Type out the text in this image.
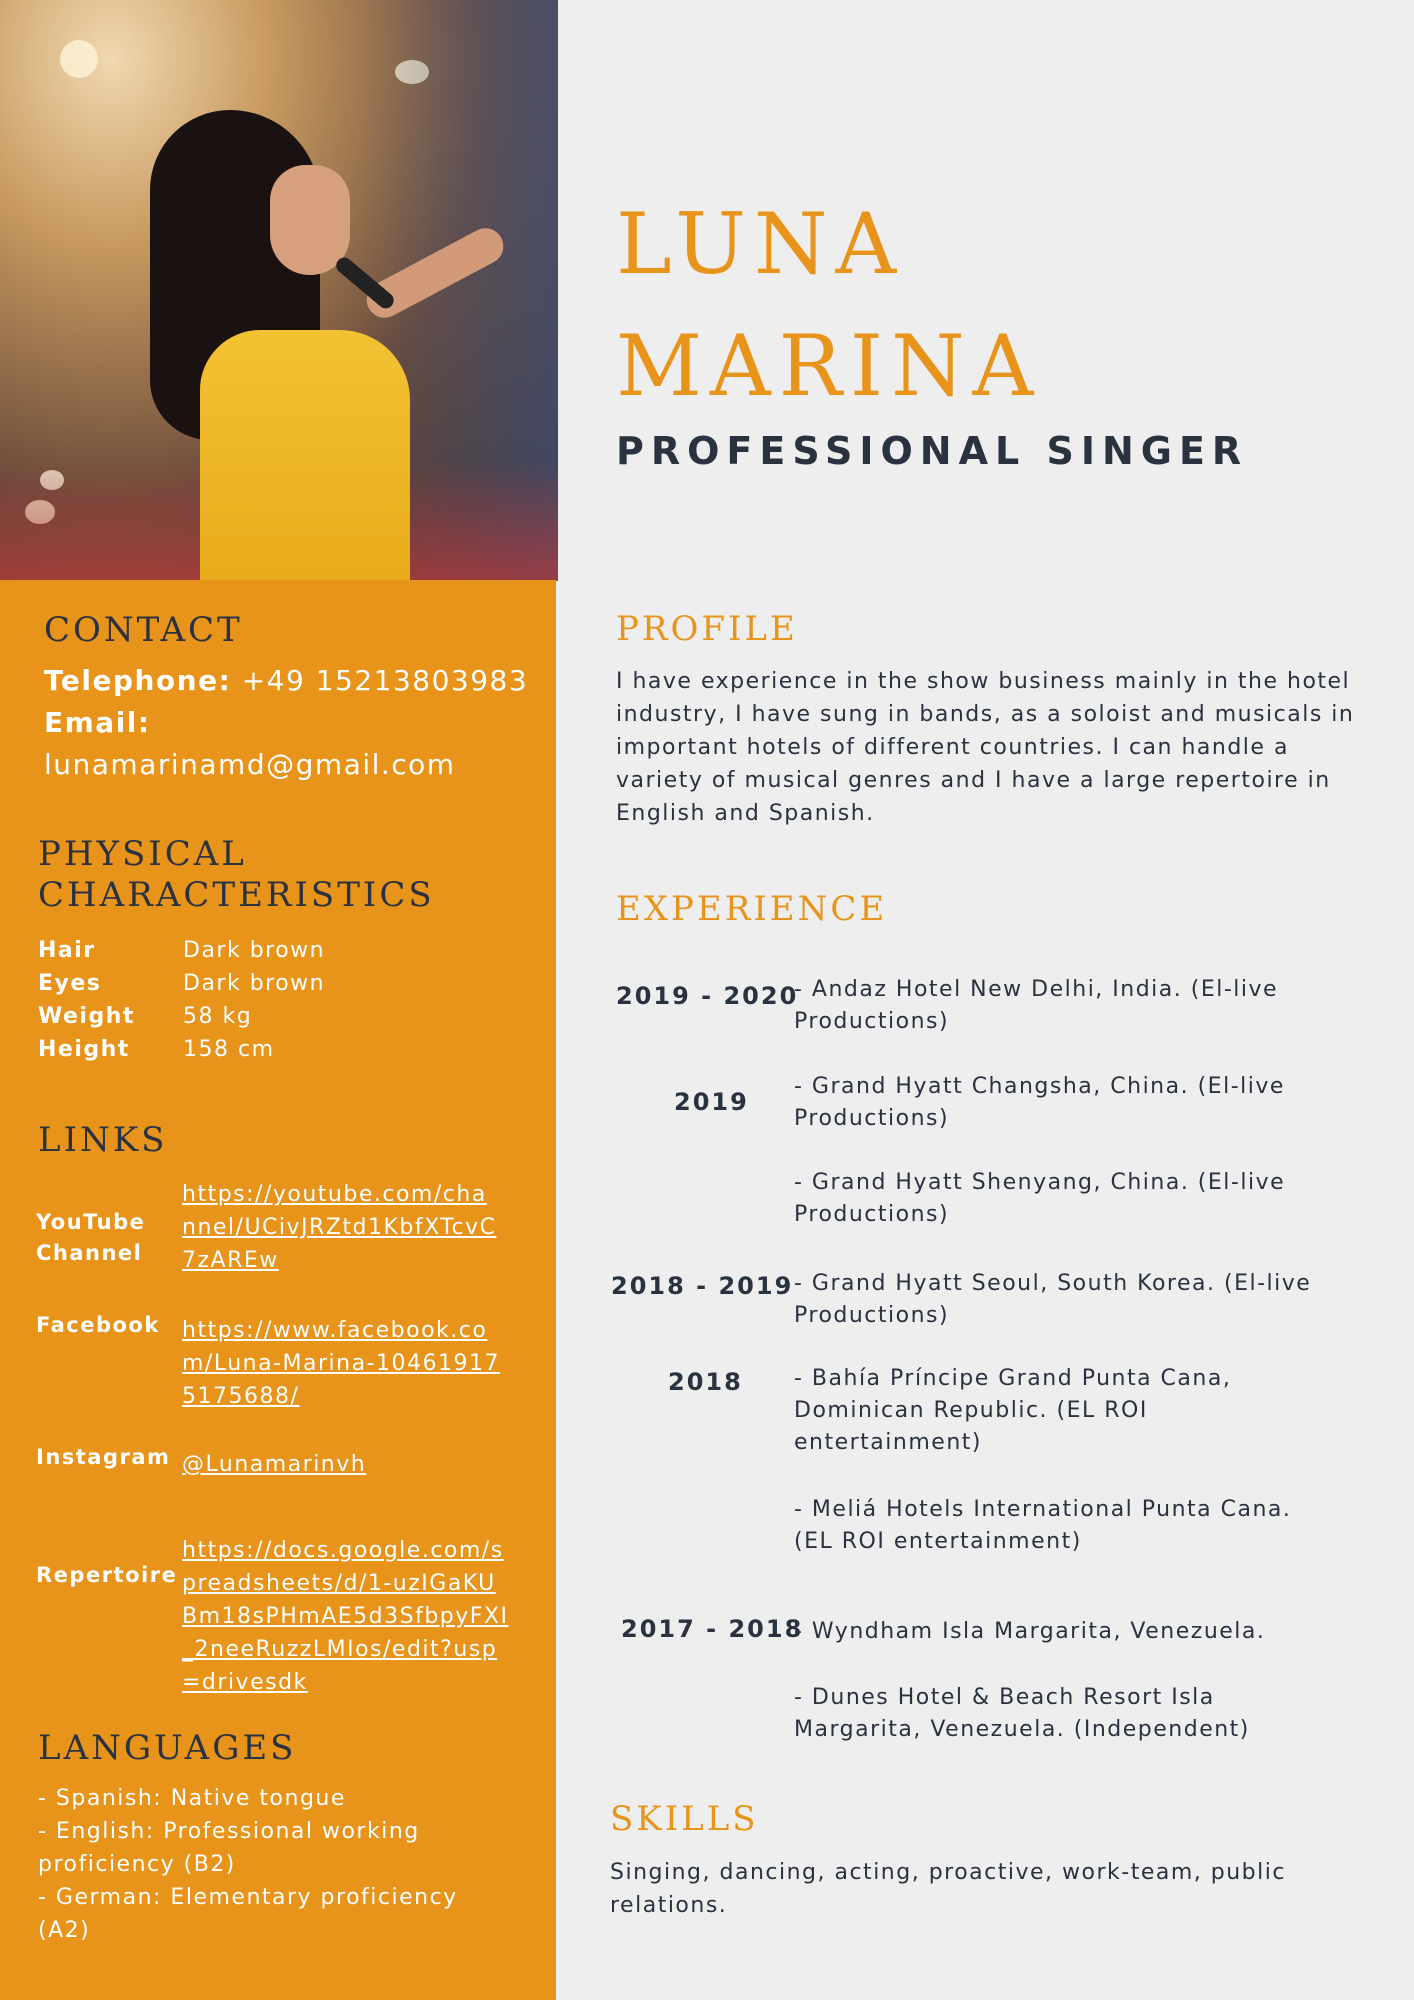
LUNA
MARINA
PROFESSIONAL SINGER
CONTACT
Telephone: +49 15213803983
Email:
lunamarinamd@gmail.com
PHYSICAL
CHARACTERISTICS
Hair	Dark brown
Eyes	Dark brown
Weight	58 kg
Height	158 cm
LINKS
YouTube
Channel
https://youtube.com/channel/UCivJRZtd1KbfXTcvC7zAREw
Facebook https://www.facebook.com/Luna-Marina-104619175175688/
Instagram @Lunamarinvh
Repertoire
https://docs.google.com/spreadsheets/d/1-uzIGaKUBm18sPHmAE5d3SfbpyFXI_2neeRuzzLMIos/edit?usp=drivesdk
LANGUAGES
- Spanish: Native tongue
- English: Professional working proficiency (B2)
- German: Elementary proficiency (A2)
PROFILE

I have experience in the show business mainly in the hotel industry, I have sung in bands, as a soloist and musicals in important hotels of different countries. I can handle a variety of musical genres and I have a large repertoire in English and Spanish.

EXPERIENCE
2019 - 2020
- Andaz Hotel New Delhi, India. (El-live Productions)
2019
- Grand Hyatt Changsha, China. (El-live Productions)
- Grand Hyatt Shenyang, China. (El-live Productions)
2018 - 2019 - Grand Hyatt Seoul, South Korea. (El-live Productions)
2018 - Bahía Príncipe Grand Punta Cana, Dominican Republic. (EL ROI entertainment)
- Meliá Hotels International Punta Cana. (EL ROI entertainment)
2017 - 2018
- Wyndham Isla Margarita, Venezuela.
- Dunes Hotel & Beach Resort Isla Margarita, Venezuela. (Independent)
SKILLS

Singing, dancing, acting, proactive, work-team, public relations.
